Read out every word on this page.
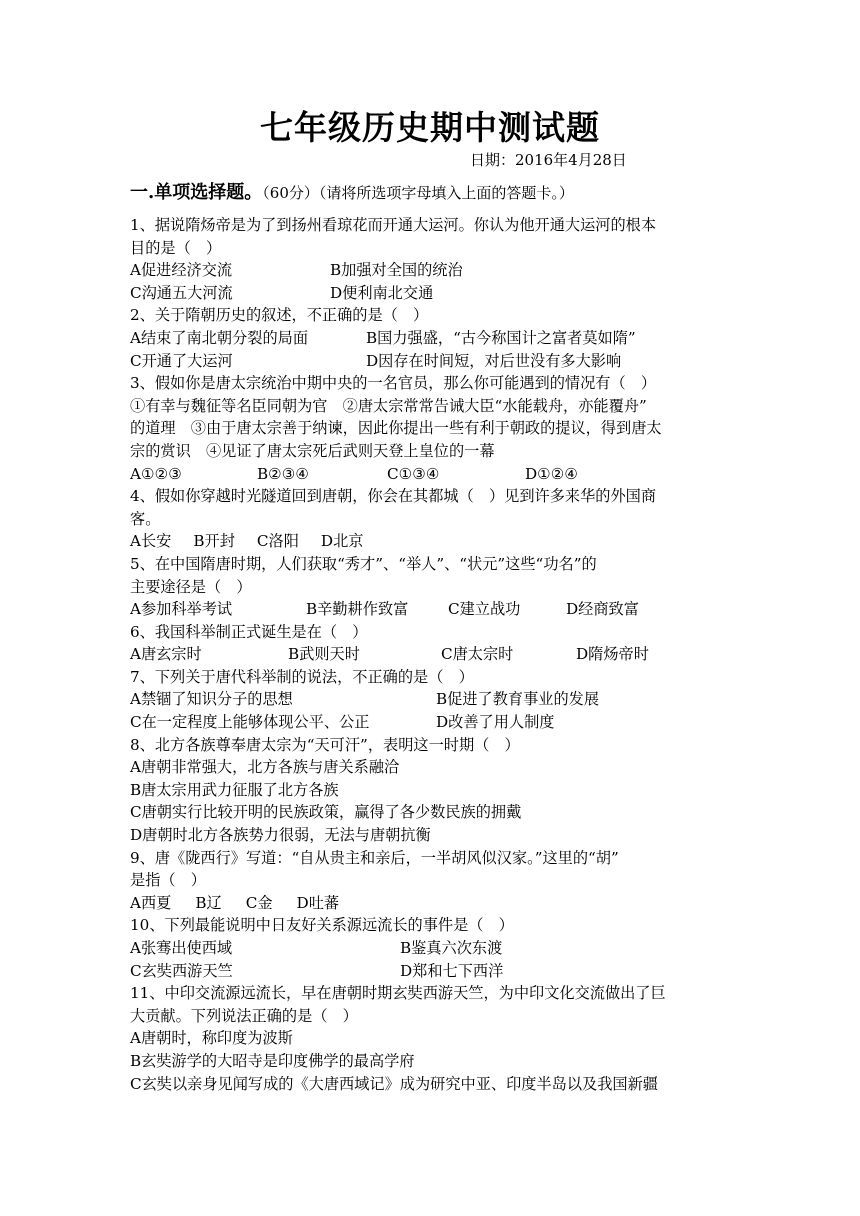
七年级历史期中测试题
日期：2016年4月28日
一.单项选择题。（60分）（请将所选项字母填入上面的答题卡。）
1、据说隋炀帝是为了到扬州看琼花而开通大运河。你认为他开通大运河的根本
目的是（　）
A促进经济交流	B加强对全国的统治
C沟通五大河流	D便利南北交通
2、关于隋朝历史的叙述，不正确的是（　）
A结束了南北朝分裂的局面	B国力强盛，“古今称国计之富者莫如隋”
C开通了大运河	D因存在时间短，对后世没有多大影响
3、假如你是唐太宗统治中期中央的一名官员，那么你可能遇到的情况有（　）
①有幸与魏征等名臣同朝为官　②唐太宗常常告诫大臣“水能载舟，亦能覆舟”
的道理　③由于唐太宗善于纳谏，因此你提出一些有利于朝政的提议，得到唐太
宗的赏识　④见证了唐太宗死后武则天登上皇位的一幕
A①②③	B②③④	C①③④	D①②④
4、假如你穿越时光隧道回到唐朝，你会在其都城（　）见到许多来华的外国商
客。
A长安 B开封 C洛阳 D北京
5、在中国隋唐时期，人们获取“秀才”、“举人”、“状元”这些“功名”的
主要途径是（　）
A参加科举考试	B辛勤耕作致富	C建立战功	D经商致富
6、我国科举制正式诞生是在（　）
A唐玄宗时	B武则天时	C唐太宗时	D隋炀帝时
7、下列关于唐代科举制的说法，不正确的是（　）
A禁锢了知识分子的思想	B促进了教育事业的发展
C在一定程度上能够体现公平、公正	D改善了用人制度
8、北方各族尊奉唐太宗为“天可汗”，表明这一时期（　）
A唐朝非常强大，北方各族与唐关系融洽
B唐太宗用武力征服了北方各族
C唐朝实行比较开明的民族政策，赢得了各少数民族的拥戴
D唐朝时北方各族势力很弱，无法与唐朝抗衡
9、唐《陇西行》写道：“自从贵主和亲后，一半胡风似汉家。”这里的“胡”
是指（　）
A西夏 B辽 C金 D吐蕃
10、下列最能说明中日友好关系源远流长的事件是（　）
A张骞出使西域	B鉴真六次东渡
C玄奘西游天竺	D郑和七下西洋
11、中印交流源远流长，早在唐朝时期玄奘西游天竺，为中印文化交流做出了巨
大贡献。下列说法正确的是（　）
A唐朝时，称印度为波斯
B玄奘游学的大昭寺是印度佛学的最高学府
C玄奘以亲身见闻写成的《大唐西域记》成为研究中亚、印度半岛以及我国新疆
